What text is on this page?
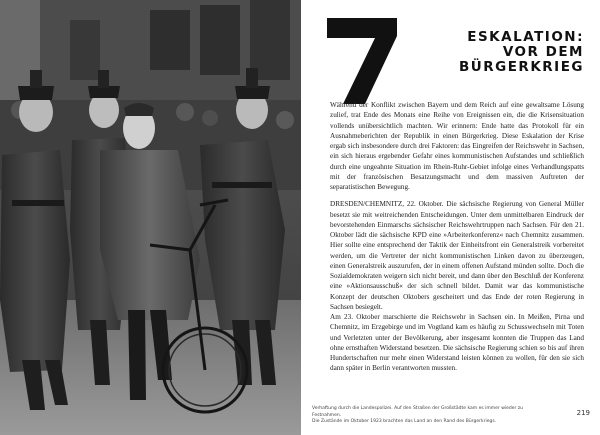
ESKALATION:
VOR DEM BÜRGERKRIEG

Während der Konflikt zwischen Bayern und dem Reich auf eine gewaltsame Lösung zulief, trat Ende des Monats eine Reihe von Ereignissen ein, die die Krisensituation vollends unübersichtlich machten. Wir erinnern: Ende hatte das Protokoll für ein Ausnahmeberichten der Republik in einen Bürgerkrieg. Diese Eskalation der Krise ergab sich insbesondere durch drei Faktoren: das Eingreifen der Reichswehr in Sachsen, ein sich hieraus ergebender Gefahr eines kommunistischen Aufstandes und schließlich durch eine ungeahnte Situation im Rhein-Ruhr-Gebiet infolge eines Verhandlungspatts mit der französischen Besatzungsmacht und dem massiven Auftreten der separatistischen Bewegung.

DRESDEN/CHEMNITZ, 22. Oktober. Die sächsische Regierung von General Müller besetzt sie mit weitreichenden Entscheidungen. Unter dem unmittelbaren Eindruck der bevorstehenden Einmarschs sächsischer Reichswehrtruppen nach Sachsen. Für den 21. Oktober lädt die sächsische KPD eine »Arbeiterkonferenz« nach Chemnitz zusammen. Hier sollte eine entsprechend der Taktik der Einheitsfront ein Generalstreik vorbereitet werden, um die Vertreter der nicht kommunistischen Linken davon zu überzeugen, einen Generalstreik auszurufen, der in einem offenen Aufstand münden sollte. Doch die Sozialdemokraten weigern sich nicht bereit, und dann über den Beschluß der Konferenz eine »Aktionsausschuß« der sich schnell bildet. Damit war das kommunistische Konzept der deutschen Oktobers gescheitert und das Ende der roten Regierung in Sachsen besiegelt.

Am 23. Oktober marschierte die Reichswehr in Sachsen ein. In Meißen, Pirna und Chemnitz, im Erzgebirge und im Vogtland kam es häufig zu Schusswechseln mit Toten und Verletzten unter der Bevölkerung, aber insgesamt konnten die Truppen das Land ohne ernsthaften Widerstand besetzen. Die sächsische Regierung schien so bis auf ihren Hundertschaften nur mehr einen Widerstand leisten können zu wollen, für den sie sich dann später in Berlin verantworten mussten.

Verhaftung durch die Landespolizei. Auf den Straßen der Großstädte kam es immer wieder zu Festnahmen.
Die Zustände im Oktober 1923 brachten das Land an den Rand des Bürgerkriegs.

219
